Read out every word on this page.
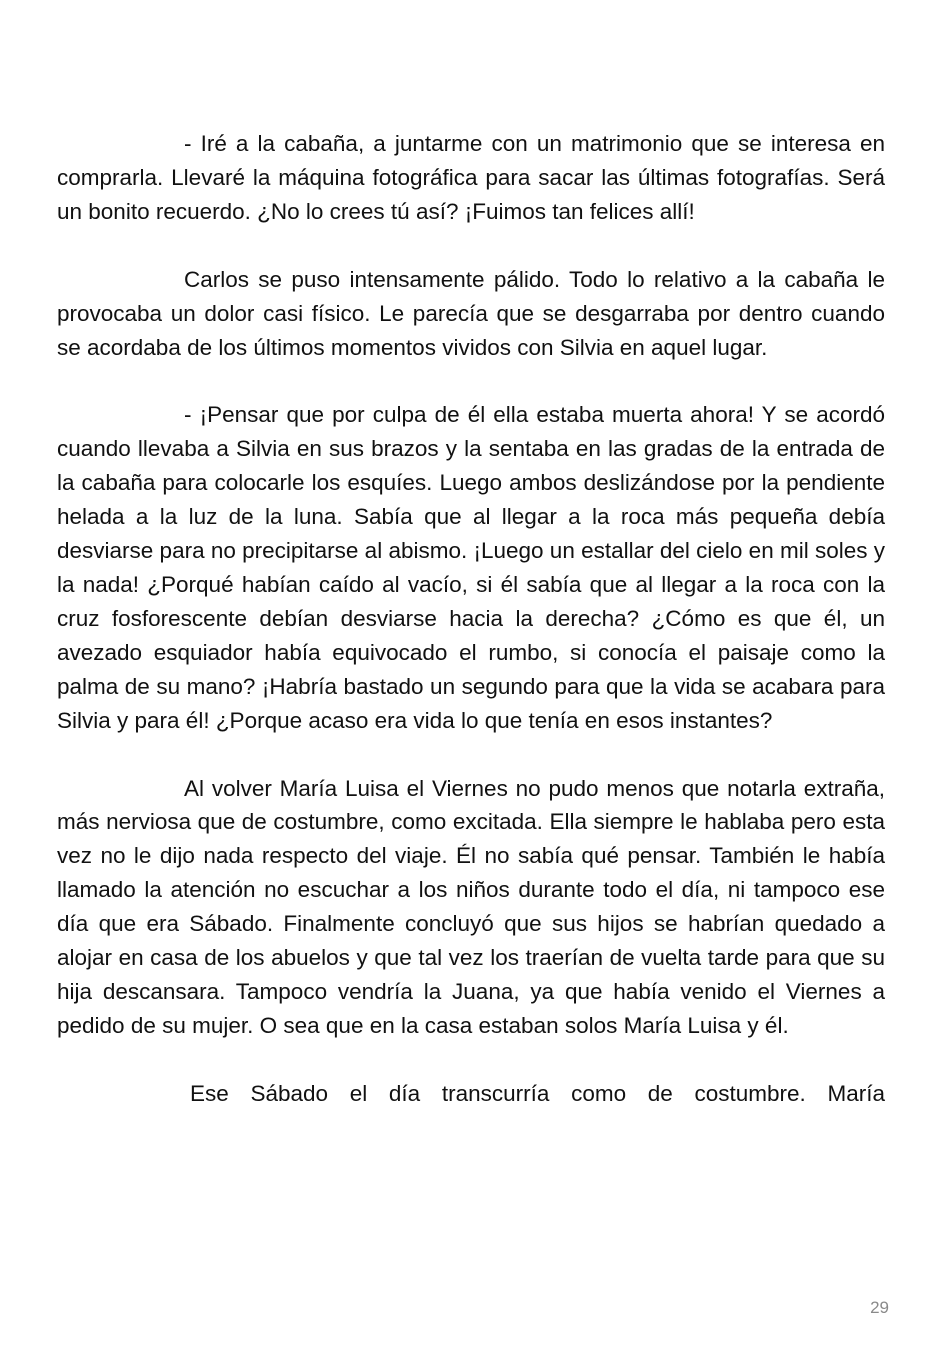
- Iré a la cabaña, a juntarme con un matrimonio que se interesa en comprarla. Llevaré la máquina fotográfica para sacar las últimas fotografías. Será un bonito recuerdo. ¿No lo crees tú así? ¡Fuimos tan felices allí!

Carlos se puso intensamente pálido. Todo lo relativo a la cabaña le provocaba un dolor casi físico. Le parecía que se desgarraba por dentro cuando se acordaba de los últimos momentos vividos con Silvia en aquel lugar.

- ¡Pensar que por culpa de él ella estaba muerta ahora! Y se acordó cuando llevaba a Silvia en sus brazos y la sentaba en las gradas de la entrada de la cabaña para colocarle los esquíes. Luego ambos deslizándose por la pendiente helada a la luz de la luna. Sabía que al llegar a la roca más pequeña debía desviarse para no precipitarse al abismo. ¡Luego un estallar del cielo en mil soles y la nada! ¿Porqué habían caído al vacío, si él sabía que al llegar a la roca con la cruz fosforescente debían desviarse hacia la derecha? ¿Cómo es que él, un avezado esquiador había equivocado el rumbo, si conocía el paisaje como la palma de su mano? ¡Habría bastado un segundo para que la vida se acabara para Silvia y para él! ¿Porque acaso era vida lo que tenía en esos instantes?

Al volver María Luisa el Viernes no pudo menos que notarla extraña, más nerviosa que de costumbre, como excitada. Ella siempre le hablaba pero esta vez no le dijo nada respecto del viaje. Él no sabía qué pensar. También le había llamado la atención no escuchar a los niños durante todo el día, ni tampoco ese día que era Sábado. Finalmente concluyó que sus hijos se habrían quedado a alojar en casa de los abuelos y que tal vez los traerían de vuelta tarde para que su hija descansara. Tampoco vendría la Juana, ya que había venido el Viernes a pedido de su mujer. O sea que en la casa estaban solos María Luisa y él.

Ese Sábado el día transcurría como de costumbre. María

29
